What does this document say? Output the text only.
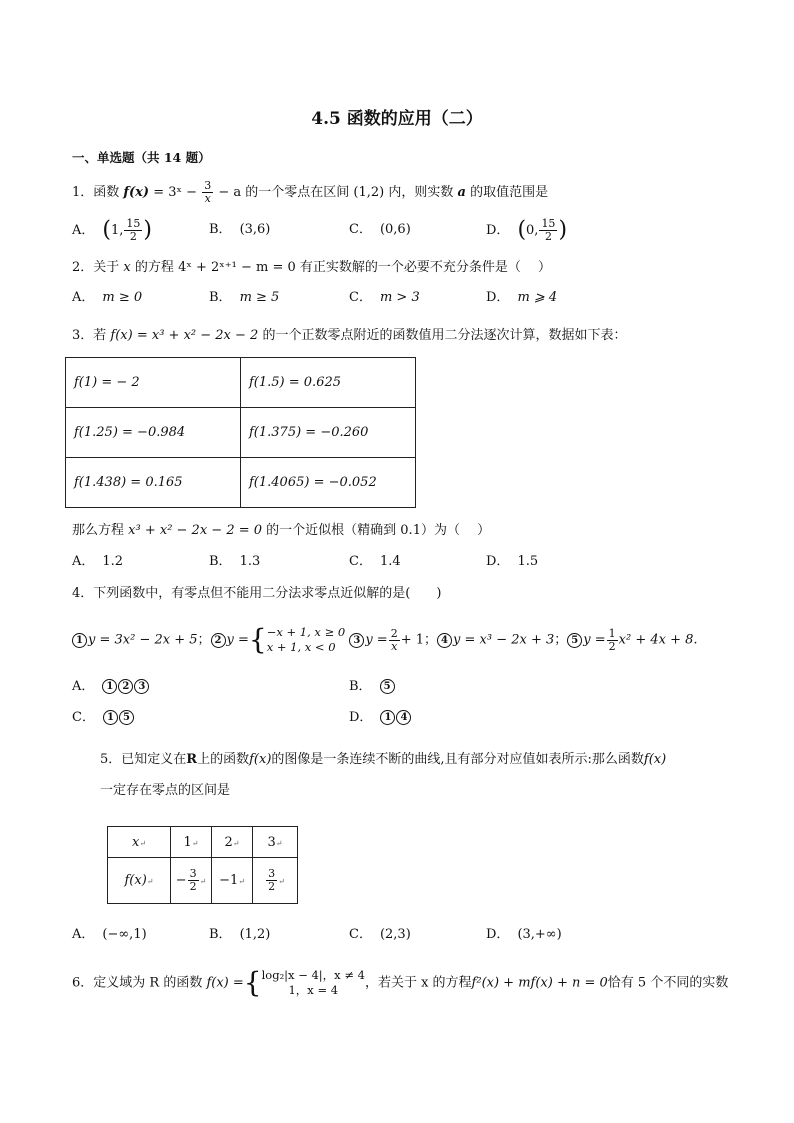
4.5 函数的应用（二）
一、单选题（共 14 题）
1．函数 f(x) = 3ˣ − $\frac{3}{x} - a$ 的一个零点在区间 (1,2) 内，则实数 a 的取值范围是
A． (1, $\frac{15}{2}$ )	B． (3,6)	C． (0,6)	D． (0, $\frac{15}{2}$ )
2．关于 x 的方程 4ˣ + 2ˣ⁺¹ − m = 0 有正实数解的一个必要不充分条件是（　 ）
A． m ≥ 0	B． m ≥ 5	C． m > 3	D． m ⩾ 4
3．若 f(x) = x³ + x² − 2x − 2 的一个正数零点附近的函数值用二分法逐次计算，数据如下表：
f(1) = − 2	f(1.5) = 0.625
f(1.25) = −0.984	f(1.375) = −0.260
f(1.438) = 0.165	f(1.4065) = −0.052
那么方程 x³ + x² − 2x − 2 = 0 的一个近似根（精确到 0.1）为（　 ）
A． 1.2	B． 1.3	C． 1.4	D． 1.5
4．下列函数中，有零点但不能用二分法求零点近似解的是(　　)
1 y = 3x² − 2x + 5； 2 y ={ −x + 1, x ≥ 0
x + 1, x < 0	3 $y = \frac{2}{x} + 1$； 4 y = x³ − 2x + 3； 5 $y = \frac{1}{2} x^2 + 4x + 8$.
A． 1 2 3	B． 5
C． 1 5	D． 1 4
5．已知定义在R上的函数f(x)的图像是一条连续不断的曲线,且有部分对应值如表所示:那么函数f(x)
一定存在零点的区间是
x↵	1↵	2↵	3↵
f(x)↵	− $\frac{3}{2}$ ↵	−1↵	$\frac{3}{2}$ ↵
A． (−∞,1)	B． (1,2)	C． (2,3)	D． (3,+∞)
6．定义域为 R 的函数 f(x) ={ log₂|x − 4|，x ≠ 4
1，x = 4	，若关于 x 的方程f²(x) + mf(x) + n = 0恰有 5 个不同的实数
